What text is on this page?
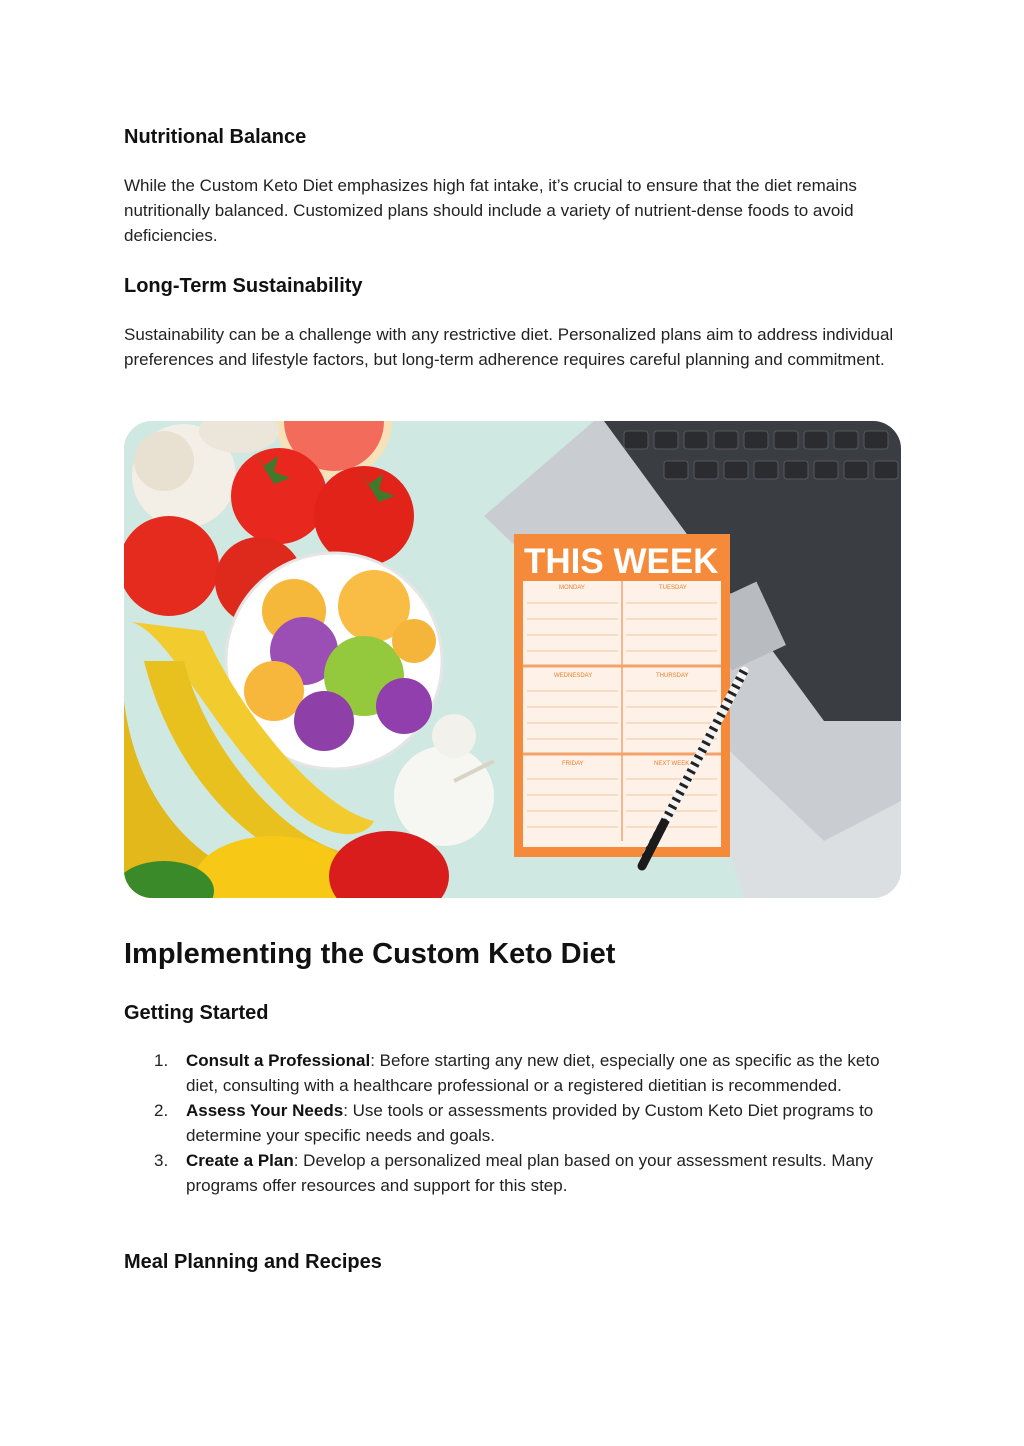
Nutritional Balance

While the Custom Keto Diet emphasizes high fat intake, it’s crucial to ensure that the diet remains nutritionally balanced. Customized plans should include a variety of nutrient-dense foods to avoid deficiencies.

Long-Term Sustainability

Sustainability can be a challenge with any restrictive diet. Personalized plans aim to address individual preferences and lifestyle factors, but long-term adherence requires careful planning and commitment.

THIS WEEK
MONDAY	TUESDAY
WEDNESDAY	THURSDAY
FRIDAY	NEXT WEEK
Implementing the Custom Keto Diet
Getting Started
1. Consult a Professional: Before starting any new diet, especially one as specific as the keto diet, consulting with a healthcare professional or a registered dietitian is recommended.
2. Assess Your Needs: Use tools or assessments provided by Custom Keto Diet programs to determine your specific needs and goals.
3. Create a Plan: Develop a personalized meal plan based on your assessment results. Many programs offer resources and support for this step.
Meal Planning and Recipes
